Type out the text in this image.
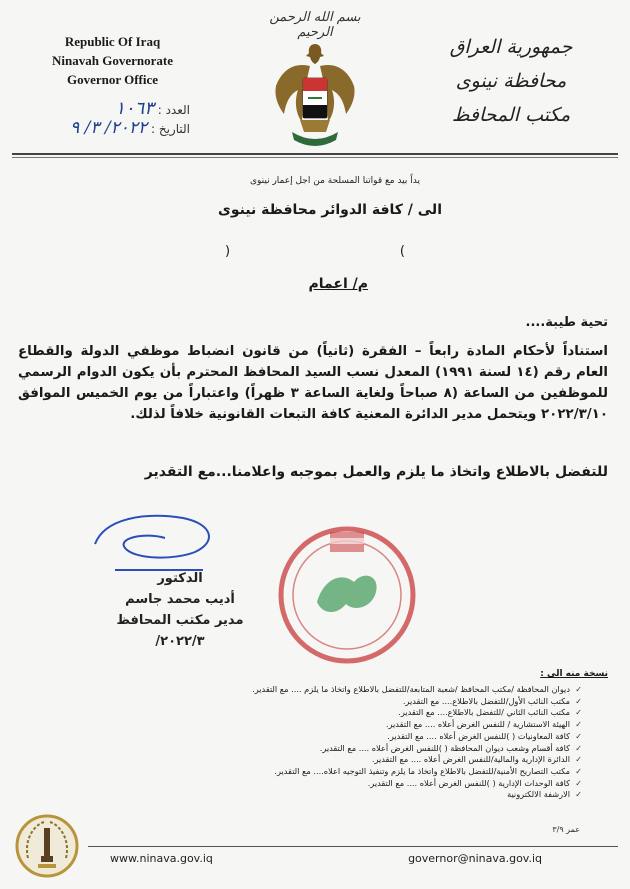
Republic Of Iraq
Ninavah Governorate
Governor Office
العدد : ١٠٦٣
التاريخ : ٢٠٢٢/ ٣/ ٩
بسم الله الرحمن الرحيم
جمهورية العراق
محافظة نينوى
مكتب المحافظ
يداً بيد مع قواتنا المسلحة من اجل إعمار نينوى
الى / كافة الدوائر محافظة نينوى
)	(
م/ اعمام
تحية طيبة....
استناداً لأحكام المادة رابعاً – الفقرة (ثانياً) من قانون انضباط موظفي الدولة والقطاع العام رقم (١٤ لسنة ١٩٩١) المعدل نسب السيد المحافظ المحترم بأن يكون الدوام الرسمي للموظفين من الساعة (٨ صباحاً ولغاية الساعة ٣ ظهراً) واعتباراً من يوم الخميس الموافق ٢٠٢٢/٣/١٠ ويتحمل مدير الدائرة المعنية كافة التبعات القانونية خلافاً لذلك.
للتفضل بالاطلاع واتخاذ ما يلزم والعمل بموجبه واعلامنا...مع التقدير
الدكتور
أديب محمد جاسم
مدير مكتب المحافظ
٢٠٢٢/٣/
نسخة منه الى :
✓ ديوان المحافظة /مكتب المحافظ /شعبة المتابعة/للتفضل بالاطلاع واتخاذ ما يلزم .... مع التقدير.
✓ مكتب النائب الأول/للتفضل بالاطلاع.... مع التقدير.
✓ مكتب النائب الثاني /للتفضل بالاطلاع.... مع التقدير.
✓ الهيئة الاستشارية / للنفس الغرض أعلاه .... مع التقدير.
✓ كافة المعاونيات ( )للنفس الغرض أعلاه .... مع التقدير.
✓ كافة أقسام وشعب ديوان المحافظة ( )للنفس الغرض أعلاه .... مع التقدير.
✓ الدائرة الإدارية والمالية/للنفس الغرض أعلاه .... مع التقدير.
✓ مكتب التصاريح الأمنية/للتفضل بالاطلاع واتخاذ ما يلزم وتنفيذ التوجيه اعلاه.... مع التقدير.
✓ كافة الوحدات الإدارية ( )للنفس الغرض أعلاه .... مع التقدير.
✓ الارشفة الالكترونية
عمر ٣/٩
www.ninava.gov.iq	governor@ninava.gov.iq
